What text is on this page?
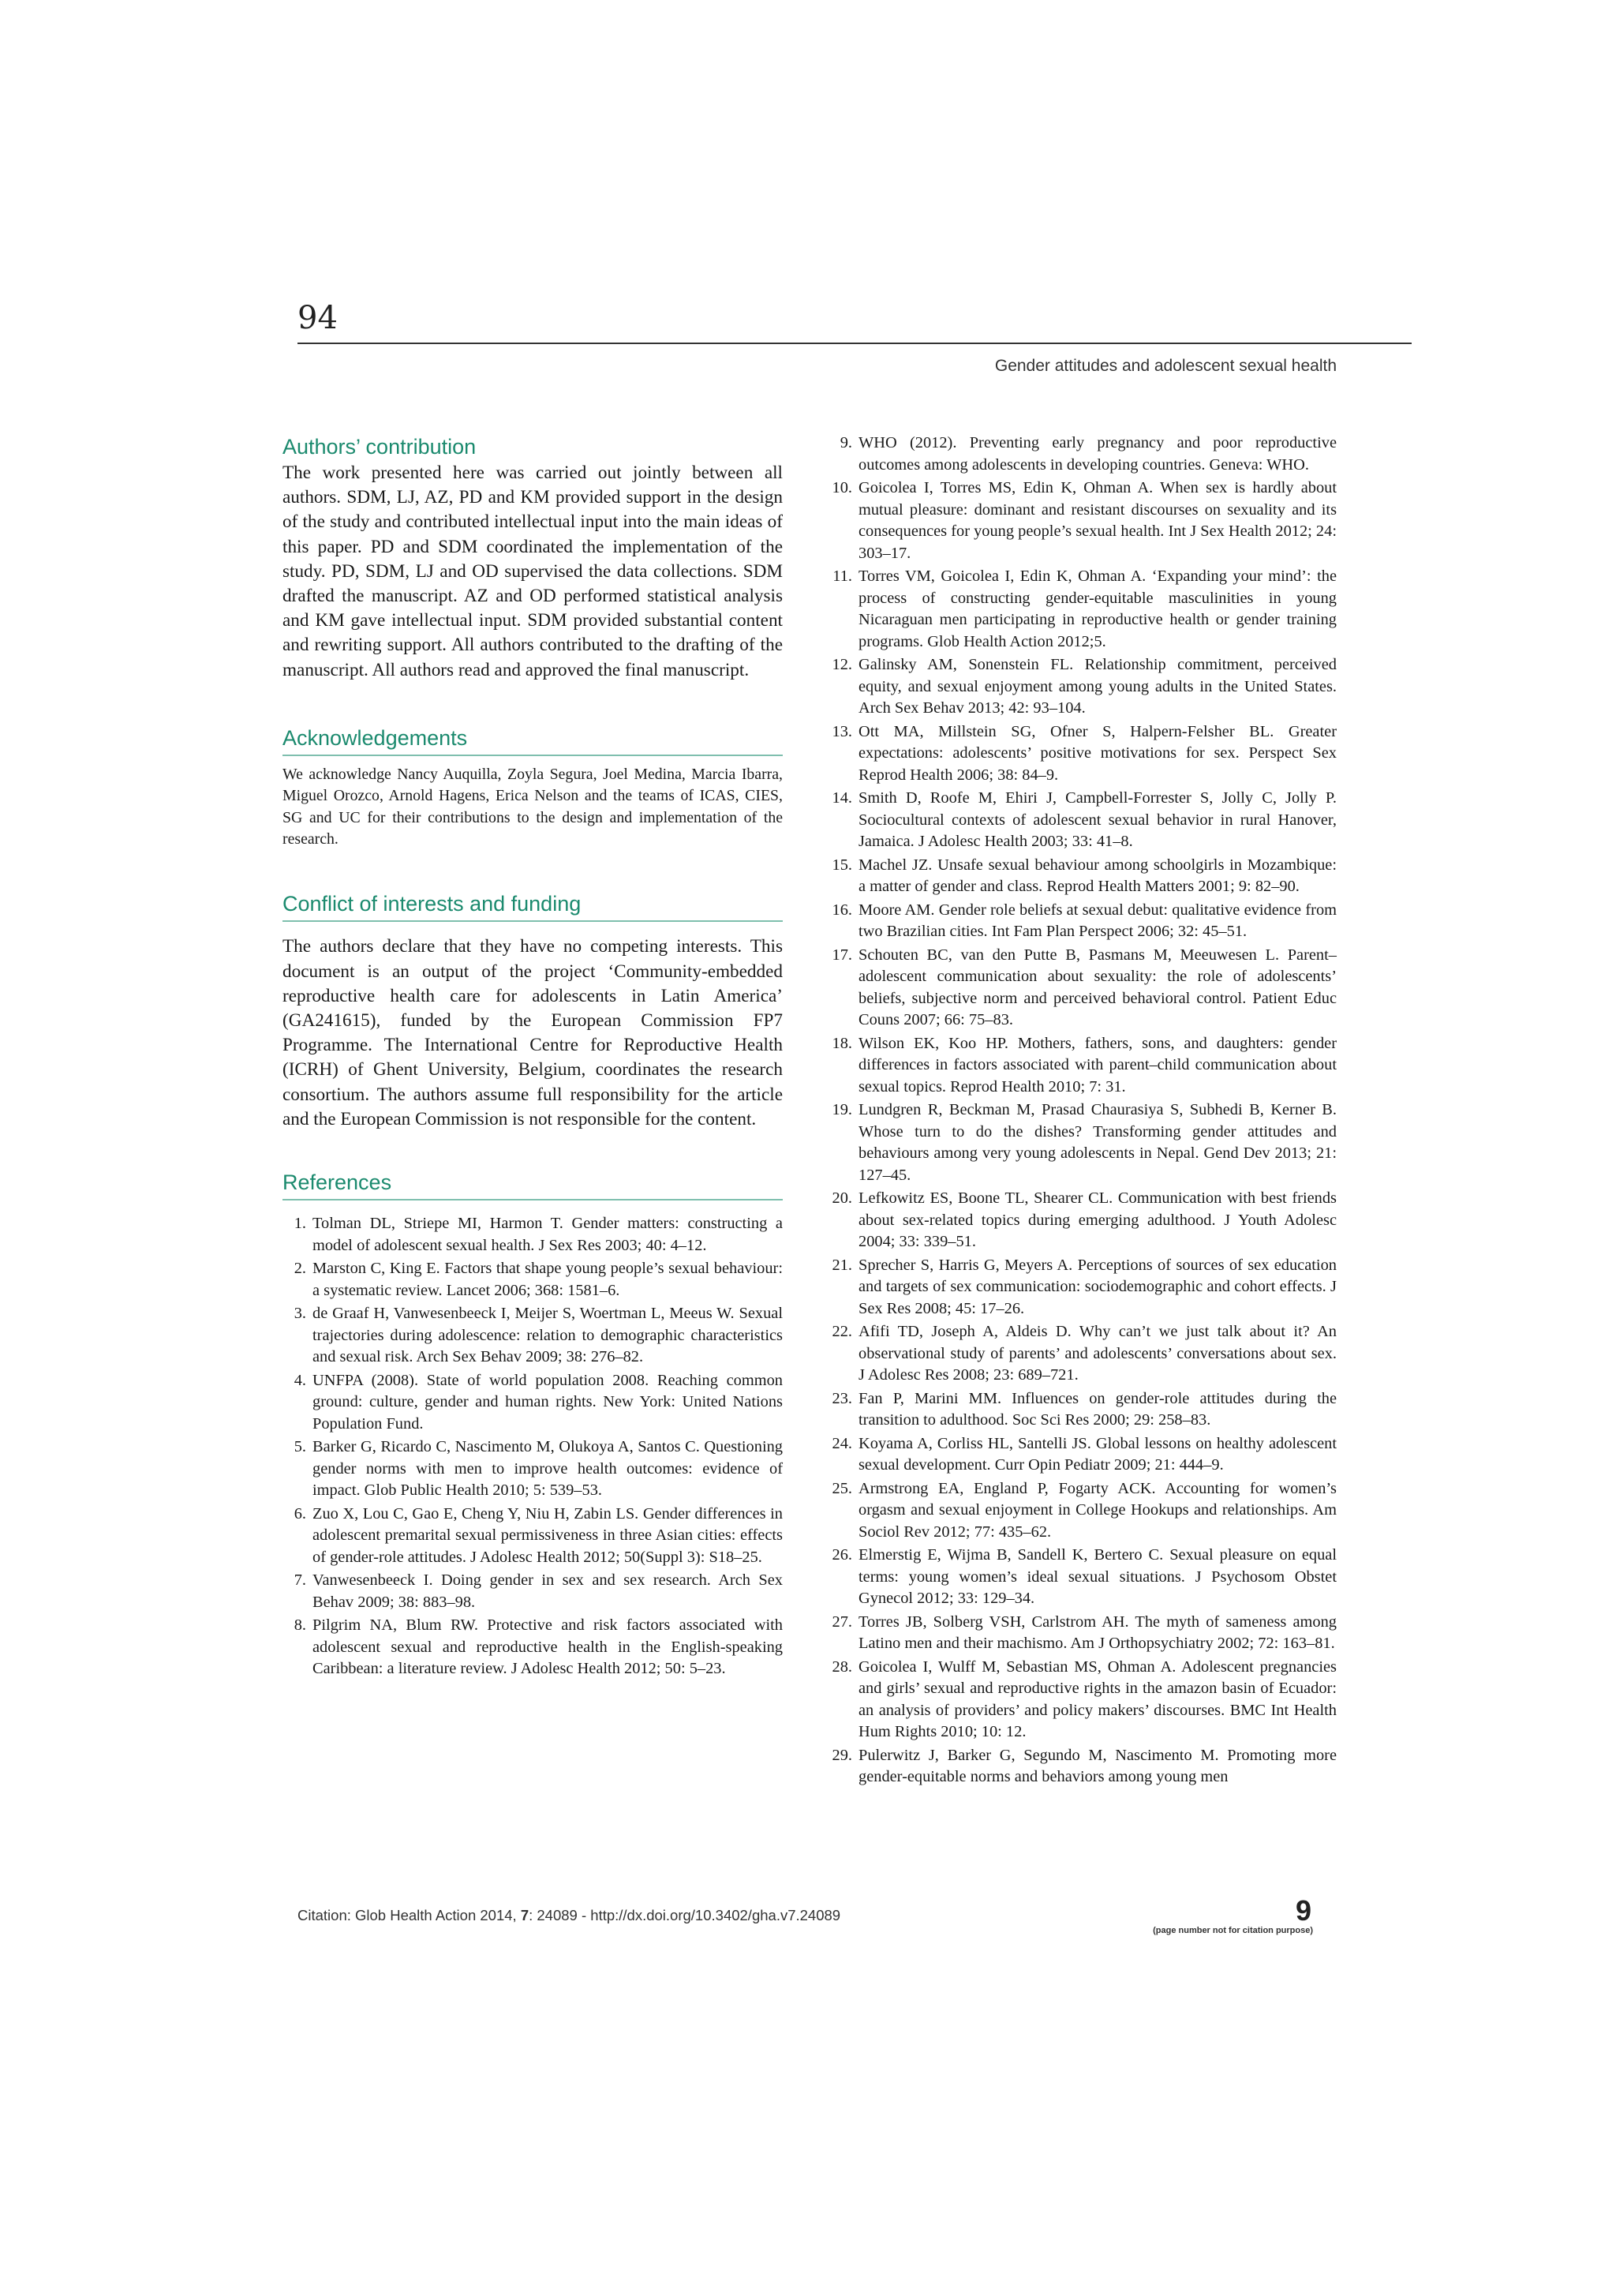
94
Gender attitudes and adolescent sexual health
Authors’ contribution

The work presented here was carried out jointly between all authors. SDM, LJ, AZ, PD and KM provided support in the design of the study and contributed intellectual input into the main ideas of this paper. PD and SDM coordinated the implementation of the study. PD, SDM, LJ and OD supervised the data collections. SDM drafted the manuscript. AZ and OD performed statistical analysis and KM gave intellectual input. SDM provided substantial content and rewriting support. All authors contributed to the drafting of the manuscript. All authors read and approved the final manuscript.

Acknowledgements

We acknowledge Nancy Auquilla, Zoyla Segura, Joel Medina, Marcia Ibarra, Miguel Orozco, Arnold Hagens, Erica Nelson and the teams of ICAS, CIES, SG and UC for their contributions to the design and implementation of the research.

Conflict of interests and funding

The authors declare that they have no competing interests. This document is an output of the project ‘Community-embedded reproductive health care for adolescents in Latin America’ (GA241615), funded by the European Commission FP7 Programme. The International Centre for Reproductive Health (ICRH) of Ghent University, Belgium, coordinates the research consortium. The authors assume full responsibility for the article and the European Commission is not responsible for the content.

References
1. Tolman DL, Striepe MI, Harmon T. Gender matters: constructing a model of adolescent sexual health. J Sex Res 2003; 40: 4–12.
2. Marston C, King E. Factors that shape young people’s sexual behaviour: a systematic review. Lancet 2006; 368: 1581–6.
3. de Graaf H, Vanwesenbeeck I, Meijer S, Woertman L, Meeus W. Sexual trajectories during adolescence: relation to demographic characteristics and sexual risk. Arch Sex Behav 2009; 38: 276–82.
4. UNFPA (2008). State of world population 2008. Reaching common ground: culture, gender and human rights. New York: United Nations Population Fund.
5. Barker G, Ricardo C, Nascimento M, Olukoya A, Santos C. Questioning gender norms with men to improve health outcomes: evidence of impact. Glob Public Health 2010; 5: 539–53.
6. Zuo X, Lou C, Gao E, Cheng Y, Niu H, Zabin LS. Gender differences in adolescent premarital sexual permissiveness in three Asian cities: effects of gender-role attitudes. J Adolesc Health 2012; 50(Suppl 3): S18–25.
7. Vanwesenbeeck I. Doing gender in sex and sex research. Arch Sex Behav 2009; 38: 883–98.
8. Pilgrim NA, Blum RW. Protective and risk factors associated with adolescent sexual and reproductive health in the English-speaking Caribbean: a literature review. J Adolesc Health 2012; 50: 5–23.
9. WHO (2012). Preventing early pregnancy and poor reproductive outcomes among adolescents in developing countries. Geneva: WHO.
10. Goicolea I, Torres MS, Edin K, Ohman A. When sex is hardly about mutual pleasure: dominant and resistant discourses on sexuality and its consequences for young people’s sexual health. Int J Sex Health 2012; 24: 303–17.
11. Torres VM, Goicolea I, Edin K, Ohman A. ‘Expanding your mind’: the process of constructing gender-equitable masculinities in young Nicaraguan men participating in reproductive health or gender training programs. Glob Health Action 2012;5.
12. Galinsky AM, Sonenstein FL. Relationship commitment, perceived equity, and sexual enjoyment among young adults in the United States. Arch Sex Behav 2013; 42: 93–104.
13. Ott MA, Millstein SG, Ofner S, Halpern-Felsher BL. Greater expectations: adolescents’ positive motivations for sex. Perspect Sex Reprod Health 2006; 38: 84–9.
14. Smith D, Roofe M, Ehiri J, Campbell-Forrester S, Jolly C, Jolly P. Sociocultural contexts of adolescent sexual behavior in rural Hanover, Jamaica. J Adolesc Health 2003; 33: 41–8.
15. Machel JZ. Unsafe sexual behaviour among schoolgirls in Mozambique: a matter of gender and class. Reprod Health Matters 2001; 9: 82–90.
16. Moore AM. Gender role beliefs at sexual debut: qualitative evidence from two Brazilian cities. Int Fam Plan Perspect 2006; 32: 45–51.
17. Schouten BC, van den Putte B, Pasmans M, Meeuwesen L. Parent–adolescent communication about sexuality: the role of adolescents’ beliefs, subjective norm and perceived behavioral control. Patient Educ Couns 2007; 66: 75–83.
18. Wilson EK, Koo HP. Mothers, fathers, sons, and daughters: gender differences in factors associated with parent–child communication about sexual topics. Reprod Health 2010; 7: 31.
19. Lundgren R, Beckman M, Prasad Chaurasiya S, Subhedi B, Kerner B. Whose turn to do the dishes? Transforming gender attitudes and behaviours among very young adolescents in Nepal. Gend Dev 2013; 21: 127–45.
20. Lefkowitz ES, Boone TL, Shearer CL. Communication with best friends about sex-related topics during emerging adulthood. J Youth Adolesc 2004; 33: 339–51.
21. Sprecher S, Harris G, Meyers A. Perceptions of sources of sex education and targets of sex communication: sociodemographic and cohort effects. J Sex Res 2008; 45: 17–26.
22. Afifi TD, Joseph A, Aldeis D. Why can’t we just talk about it? An observational study of parents’ and adolescents’ conversations about sex. J Adolesc Res 2008; 23: 689–721.
23. Fan P, Marini MM. Influences on gender-role attitudes during the transition to adulthood. Soc Sci Res 2000; 29: 258–83.
24. Koyama A, Corliss HL, Santelli JS. Global lessons on healthy adolescent sexual development. Curr Opin Pediatr 2009; 21: 444–9.
25. Armstrong EA, England P, Fogarty ACK. Accounting for women’s orgasm and sexual enjoyment in College Hookups and relationships. Am Sociol Rev 2012; 77: 435–62.
26. Elmerstig E, Wijma B, Sandell K, Bertero C. Sexual pleasure on equal terms: young women’s ideal sexual situations. J Psychosom Obstet Gynecol 2012; 33: 129–34.
27. Torres JB, Solberg VSH, Carlstrom AH. The myth of sameness among Latino men and their machismo. Am J Orthopsychiatry 2002; 72: 163–81.
28. Goicolea I, Wulff M, Sebastian MS, Ohman A. Adolescent pregnancies and girls’ sexual and reproductive rights in the amazon basin of Ecuador: an analysis of providers’ and policy makers’ discourses. BMC Int Health Hum Rights 2010; 10: 12.
29. Pulerwitz J, Barker G, Segundo M, Nascimento M. Promoting more gender-equitable norms and behaviors among young men
Citation: Glob Health Action 2014, 7: 24089 - http://dx.doi.org/10.3402/gha.v7.24089	9
(page number not for citation purpose)
